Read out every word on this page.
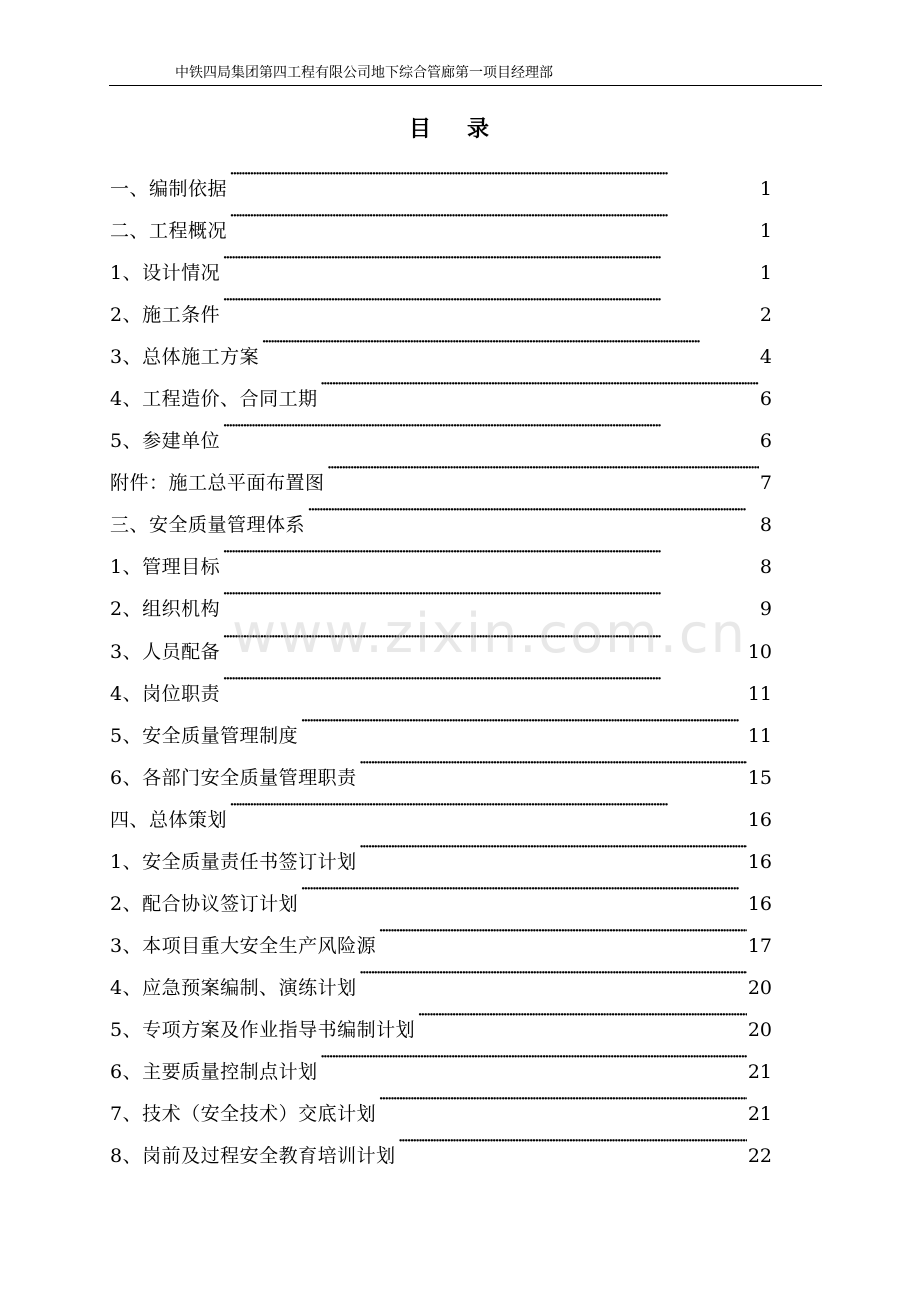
中铁四局集团第四工程有限公司地下综合管廊第一项目经理部
目录
一、编制依据 ·····	1
二、工程概况 ·····	1
1、设计情况 ·····	1
2、施工条件 ·····	2
3、总体施工方案 ·····	4
4、工程造价、合同工期 ·····	6
5、参建单位 ·····	6
附件：施工总平面布置图 ·····	7
三、安全质量管理体系 ·····	8
1、管理目标 ·····	8
2、组织机构 ·····	9
3、人员配备 ·····	10
4、岗位职责 ·····	11
5、安全质量管理制度 ·····	11
6、各部门安全质量管理职责 ·····	15
四、总体策划 ·····	16
1、安全质量责任书签订计划 ·····	16
2、配合协议签订计划 ·····	16
3、本项目重大安全生产风险源 ·····	17
4、应急预案编制、演练计划 ·····	20
5、专项方案及作业指导书编制计划 ·····	20
6、主要质量控制点计划 ·····	21
7、技术（安全技术）交底计划 ·····	21
8、岗前及过程安全教育培训计划 ·····	22
www.zixin.com.cn
